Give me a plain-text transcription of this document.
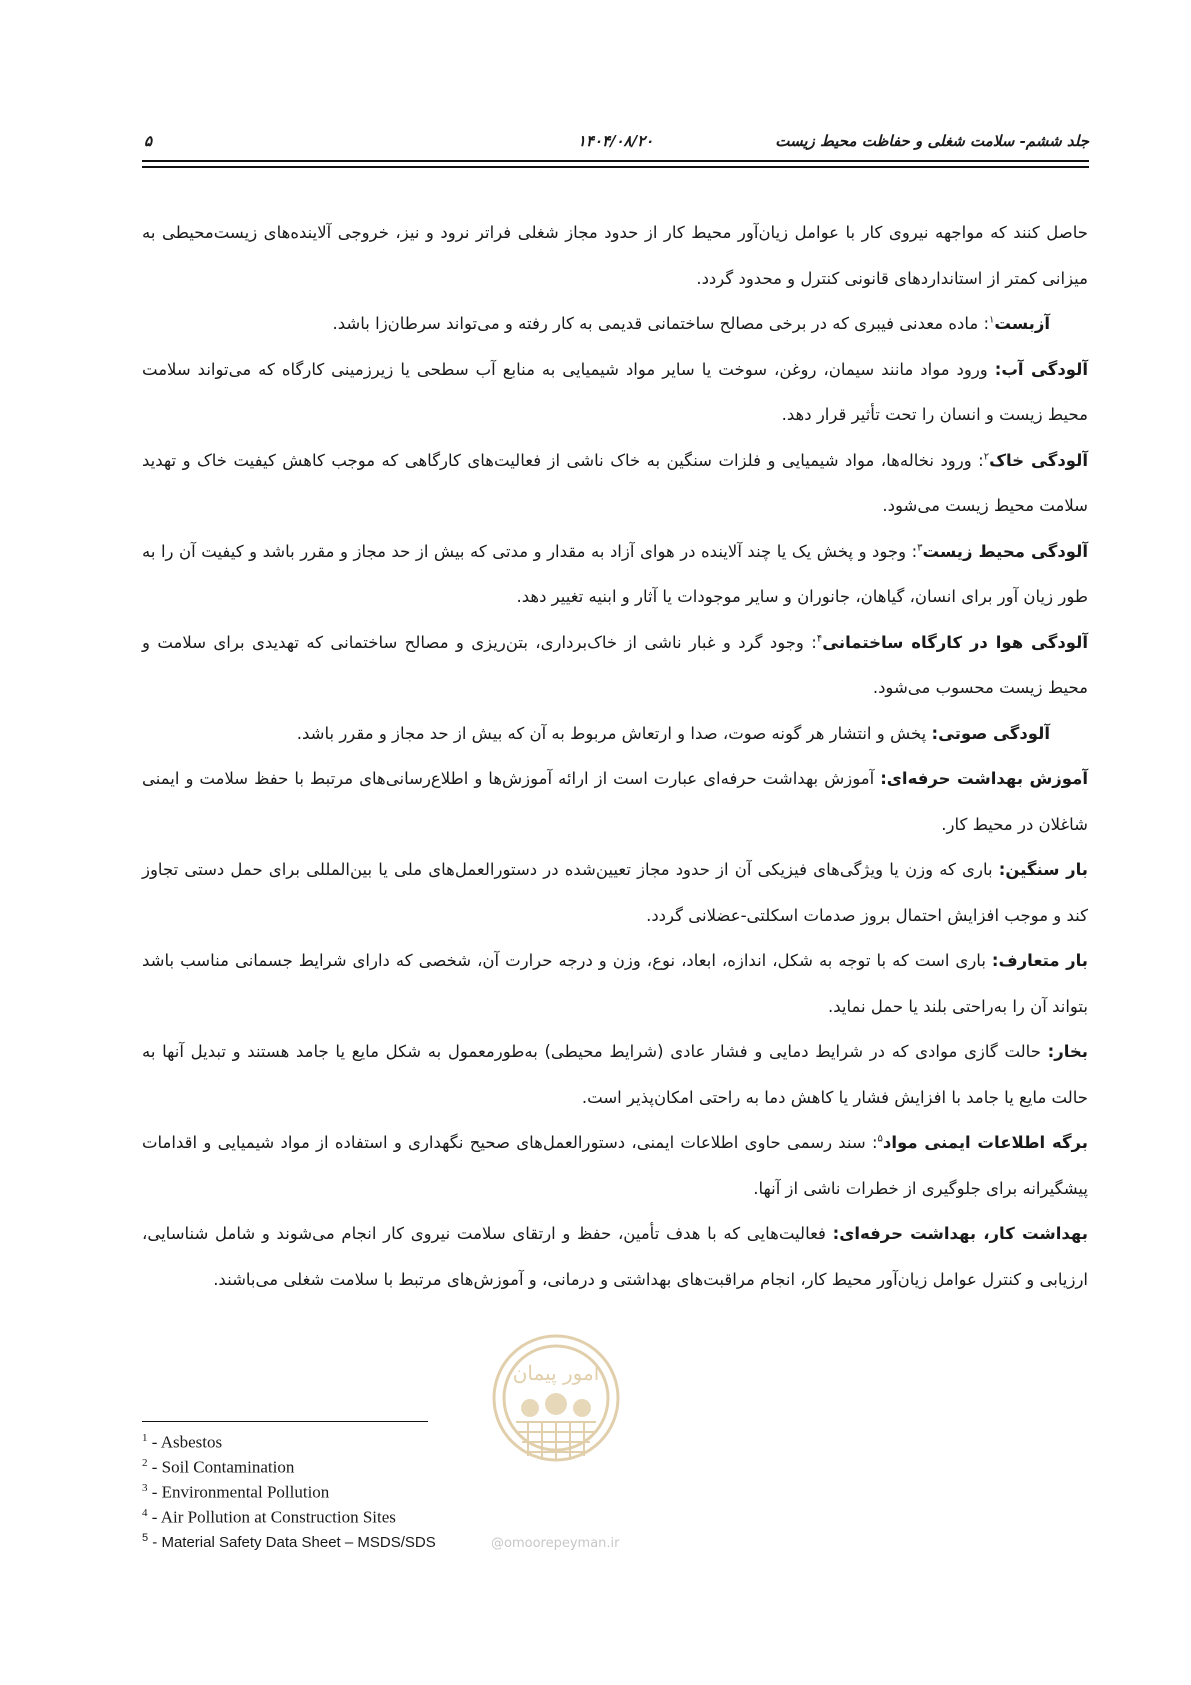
۵	۱۴۰۴/۰۸/۲۰	جلد ششم- سلامت شغلی و حفاظت محیط زیست

حاصل کنند که مواجهه نیروی کار با عوامل زیان‌آور محیط کار از حدود مجاز شغلی فراتر نرود و نیز، خروجی آلاینده‌های زیست‌محیطی به میزانی کمتر از استانداردهای قانونی کنترل و محدود گردد.

آزبست$^۱$: ماده معدنی فیبری که در برخی مصالح ساختمانی قدیمی به کار رفته و می‌تواند سرطان‌زا باشد.

آلودگی آب: ورود مواد مانند سیمان، روغن، سوخت یا سایر مواد شیمیایی به منابع آب سطحی یا زیرزمینی کارگاه که می‌تواند سلامت محیط زیست و انسان را تحت تأثیر قرار دهد.

آلودگی خاک$^۲$: ورود نخاله‌ها، مواد شیمیایی و فلزات سنگین به خاک ناشی از فعالیت‌های کارگاهی که موجب کاهش کیفیت خاک و تهدید سلامت محیط زیست می‌شود.

آلودگی محیط زیست$^۳$: وجود و پخش یک یا چند آلاینده در هوای آزاد به مقدار و مدتی که بیش از حد مجاز و مقرر باشد و کیفیت آن را به طور زیان آور برای انسان، گیاهان، جانوران و سایر موجودات یا آثار و ابنیه تغییر دهد.

آلودگی هوا در کارگاه ساختمانی$^۴$: وجود گرد و غبار ناشی از خاک‌برداری، بتن‌ریزی و مصالح ساختمانی که تهدیدی برای سلامت و محیط زیست محسوب می‌شود.

آلودگی صوتی: پخش و انتشار هر گونه صوت، صدا و ارتعاش مربوط به آن که بیش از حد مجاز و مقرر باشد.

آموزش بهداشت حرفه‌ای: آموزش بهداشت حرفه‌ای عبارت است از ارائه آموزش‌ها و اطلاع‌رسانی‌های مرتبط با حفظ سلامت و ایمنی شاغلان در محیط کار.

بار سنگین: باری که وزن یا ویژگی‌های فیزیکی آن از حدود مجاز تعیین‌شده در دستورالعمل‌های ملی یا بین‌المللی برای حمل دستی تجاوز کند و موجب افزایش احتمال بروز صدمات اسکلتی-عضلانی گردد.

بار متعارف: باری است که با توجه به شکل، اندازه، ابعاد، نوع، وزن و درجه حرارت آن، شخصی که دارای شرایط جسمانی مناسب باشد بتواند آن را به‌راحتی بلند یا حمل نماید.

بخار: حالت گازی موادی که در شرایط دمایی و فشار عادی (شرایط محیطی) به‌طورمعمول به شکل مایع یا جامد هستند و تبدیل آنها به حالت مایع یا جامد با افزایش فشار یا کاهش دما به راحتی امکان‌پذیر است.

برگه اطلاعات ایمنی مواد$^۵$: سند رسمی حاوی اطلاعات ایمنی، دستورالعمل‌های صحیح نگهداری و استفاده از مواد شیمیایی و اقدامات پیشگیرانه برای جلوگیری از خطرات ناشی از آنها.

بهداشت کار، بهداشت حرفه‌ای: فعالیت‌هایی که با هدف تأمین، حفظ و ارتقای سلامت نیروی کار انجام می‌شوند و شامل شناسایی، ارزیابی و کنترل عوامل زیان‌آور محیط کار، انجام مراقبت‌های بهداشتی و درمانی، و آموزش‌های مرتبط با سلامت شغلی می‌باشند.

امور پیمان
@omoorepeyman.ir
$^1$ - Asbestos
$^2$ - Soil Contamination
$^3$ - Environmental Pollution
$^4$ - Air Pollution at Construction Sites
$^5$ - Material Safety Data Sheet – MSDS/SDS
